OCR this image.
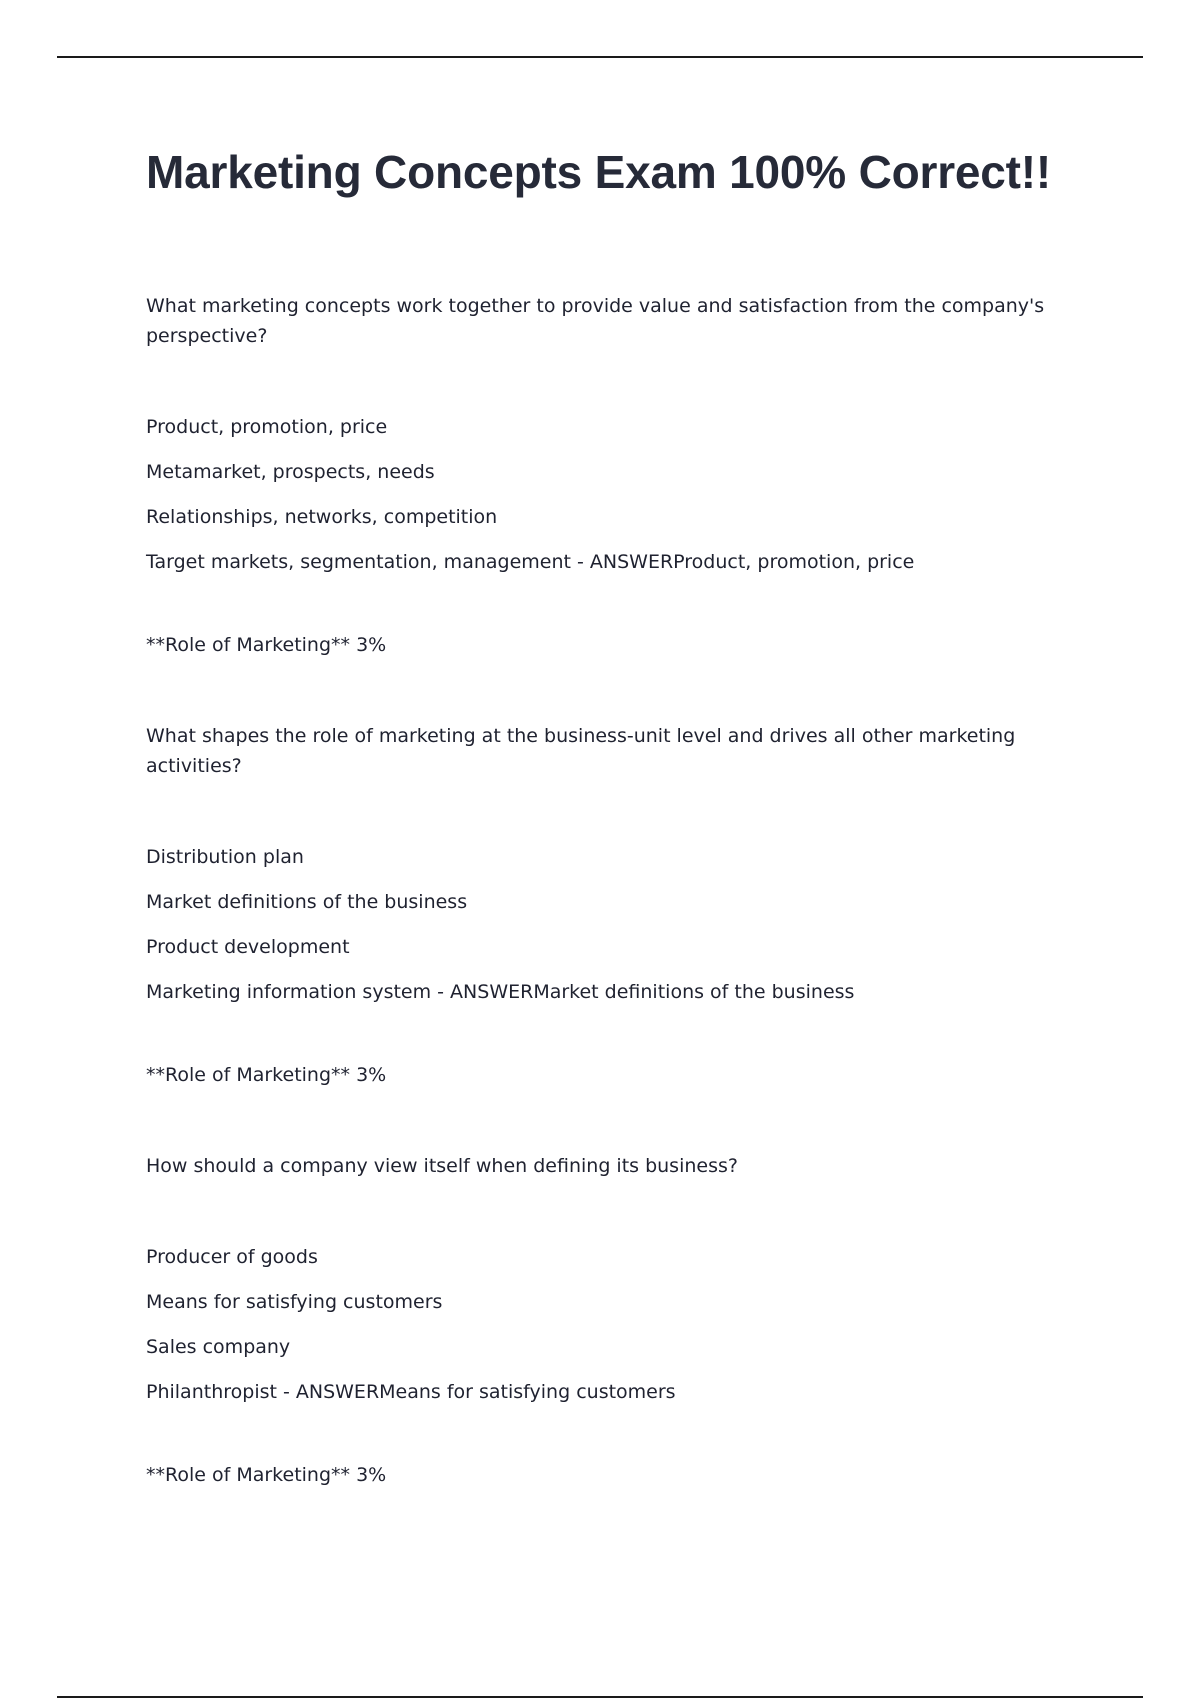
Marketing Concepts Exam 100% Correct!!

What marketing concepts work together to provide value and satisfaction from the company's perspective?

Product, promotion, price
Metamarket, prospects, needs
Relationships, networks, competition
Target markets, segmentation, management - ANSWERProduct, promotion, price

**Role of Marketing** 3%

What shapes the role of marketing at the business-unit level and drives all other marketing activities?

Distribution plan
Market definitions of the business
Product development
Marketing information system - ANSWERMarket definitions of the business

**Role of Marketing** 3%

How should a company view itself when defining its business?

Producer of goods
Means for satisfying customers
Sales company
Philanthropist - ANSWERMeans for satisfying customers

**Role of Marketing** 3%
